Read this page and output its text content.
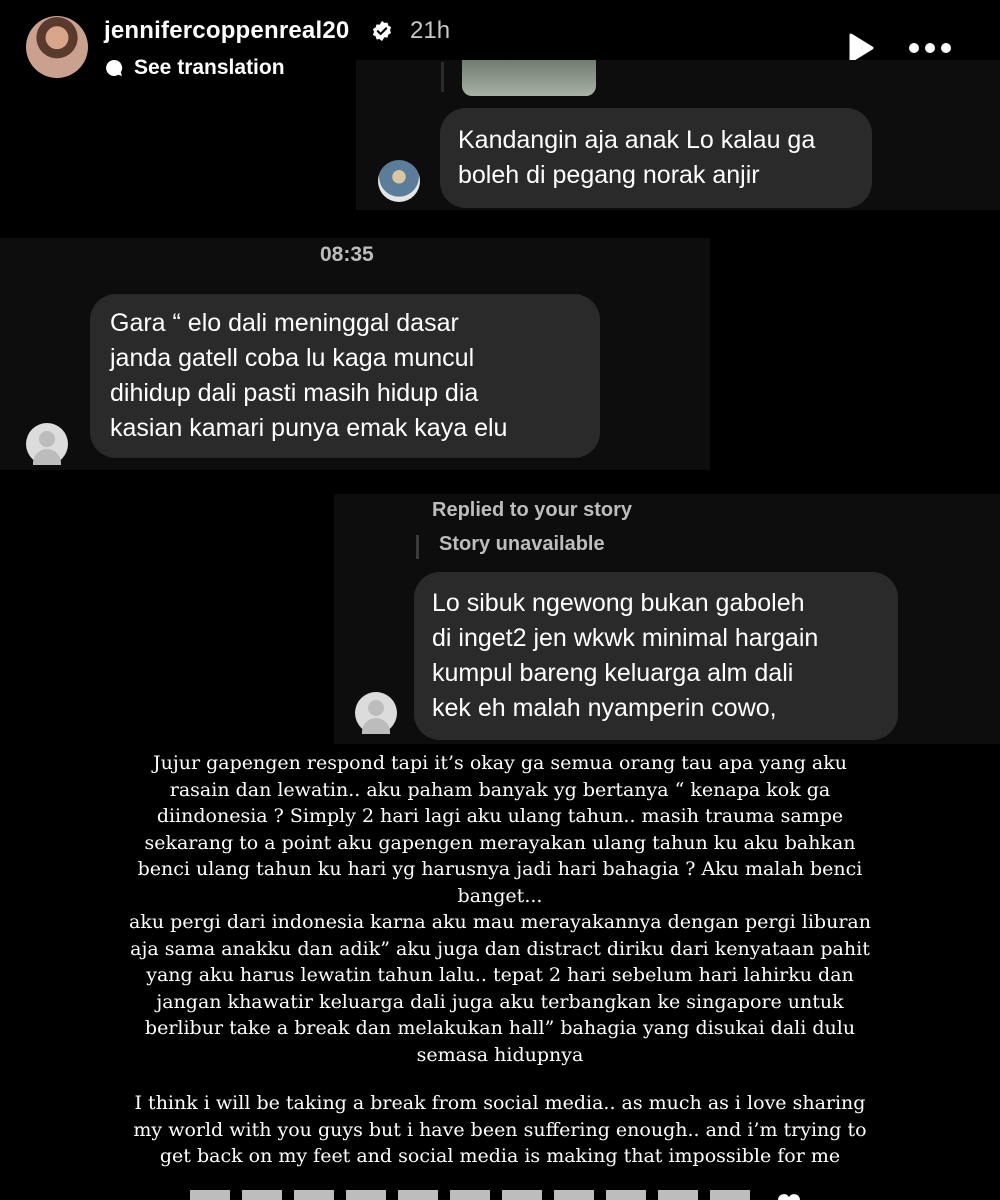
jennifercoppenreal20	21h
See translation
Kandangin aja anak Lo kalau ga
boleh di pegang norak anjir
08:35
Gara “ elo dali meninggal dasar
janda gatell coba lu kaga muncul
dihidup dali pasti masih hidup dia
kasian kamari punya emak kaya elu
Replied to your story
Story unavailable
Lo sibuk ngewong bukan gaboleh
di inget2 jen wkwk minimal hargain
kumpul bareng keluarga alm dali
kek eh malah nyamperin cowo,
Jujur gapengen respond tapi it’s okay ga semua orang tau apa yang aku
rasain dan lewatin.. aku paham banyak yg bertanya “ kenapa kok ga
diindonesia ? Simply 2 hari lagi aku ulang tahun.. masih trauma sampe
sekarang to a point aku gapengen merayakan ulang tahun ku aku bahkan
benci ulang tahun ku hari yg harusnya jadi hari bahagia ? Aku malah benci
banget...
aku pergi dari indonesia karna aku mau merayakannya dengan pergi liburan
aja sama anakku dan adik” aku juga dan distract diriku dari kenyataan pahit
yang aku harus lewatin tahun lalu.. tepat 2 hari sebelum hari lahirku dan
jangan khawatir keluarga dali juga aku terbangkan ke singapore untuk
berlibur take a break dan melakukan hall” bahagia yang disukai dali dulu
semasa hidupnya
I think i will be taking a break from social media.. as much as i love sharing
my world with you guys but i have been suffering enough.. and i’m trying to
get back on my feet and social media is making that impossible for me
